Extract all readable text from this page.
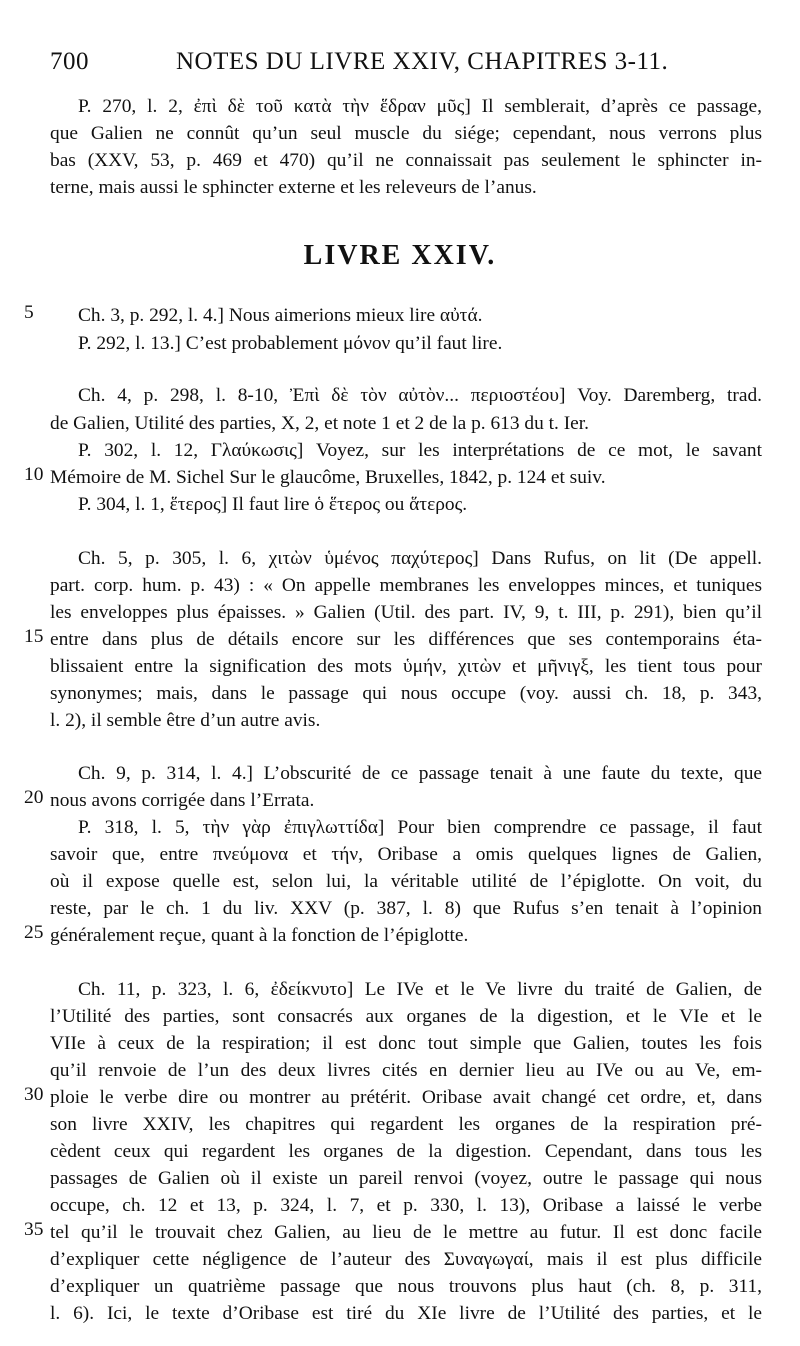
700	NOTES DU LIVRE XXIV, CHAPITRES 3-11.
P. 270, l. 2, ἐπὶ δὲ τοῦ κατὰ τὴν ἕδραν μῦς] Il semblerait, d’après ce passage,
que Galien ne connût qu’un seul muscle du siége; cependant, nous verrons plus
bas (XXV, 53, p. 469 et 470) qu’il ne connaissait pas seulement le sphincter in-
terne, mais aussi le sphincter externe et les releveurs de l’anus.
LIVRE XXIV.
5	Ch. 3, p. 292, l. 4.] Nous aimerions mieux lire αὐτά.
P. 292, l. 13.] C’est probablement μόνον qu’il faut lire.
Ch. 4, p. 298, l. 8-10, Ἐπὶ δὲ τὸν αὐτὸν... περιοστέου] Voy. Daremberg, trad.
de Galien, Utilité des parties, X, 2, et note 1 et 2 de la p. 613 du t. Ier.
P. 302, l. 12, Γλαύκωσις] Voyez, sur les interprétations de ce mot, le savant
10 Mémoire de M. Sichel Sur le glaucôme, Bruxelles, 1842, p. 124 et suiv.
P. 304, l. 1, ἕτερος] Il faut lire ὁ ἕτερος ou ἅτερος.
Ch. 5, p. 305, l. 6, χιτὼν ὑμένος παχύτερος] Dans Rufus, on lit (De appell.
part. corp. hum. p. 43) : « On appelle membranes les enveloppes minces, et tuniques
les enveloppes plus épaisses. » Galien (Util. des part. IV, 9, t. III, p. 291), bien qu’il
15 entre dans plus de détails encore sur les différences que ses contemporains éta-
blissaient entre la signification des mots ὑμήν, χιτὼν et μῆνιγξ, les tient tous pour
synonymes; mais, dans le passage qui nous occupe (voy. aussi ch. 18, p. 343,
l. 2), il semble être d’un autre avis.
Ch. 9, p. 314, l. 4.] L’obscurité de ce passage tenait à une faute du texte, que
20 nous avons corrigée dans l’Errata.
P. 318, l. 5, τὴν γὰρ ἐπιγλωττίδα] Pour bien comprendre ce passage, il faut
savoir que, entre πνεύμονα et τήν, Oribase a omis quelques lignes de Galien,
où il expose quelle est, selon lui, la véritable utilité de l’épiglotte. On voit, du
reste, par le ch. 1 du liv. XXV (p. 387, l. 8) que Rufus s’en tenait à l’opinion
25 généralement reçue, quant à la fonction de l’épiglotte.
Ch. 11, p. 323, l. 6, ἐδείκνυτο] Le IVe et le Ve livre du traité de Galien, de
l’Utilité des parties, sont consacrés aux organes de la digestion, et le VIe et le
VIIe à ceux de la respiration; il est donc tout simple que Galien, toutes les fois
qu’il renvoie de l’un des deux livres cités en dernier lieu au IVe ou au Ve, em-
30 ploie le verbe dire ou montrer au prétérit. Oribase avait changé cet ordre, et, dans
son livre XXIV, les chapitres qui regardent les organes de la respiration pré-
cèdent ceux qui regardent les organes de la digestion. Cependant, dans tous les
passages de Galien où il existe un pareil renvoi (voyez, outre le passage qui nous
occupe, ch. 12 et 13, p. 324, l. 7, et p. 330, l. 13), Oribase a laissé le verbe
35 tel qu’il le trouvait chez Galien, au lieu de le mettre au futur. Il est donc facile
d’expliquer cette négligence de l’auteur des Συναγωγαί, mais il est plus difficile
d’expliquer un quatrième passage que nous trouvons plus haut (ch. 8, p. 311,
l. 6). Ici, le texte d’Oribase est tiré du XIe livre de l’Utilité des parties, et le
